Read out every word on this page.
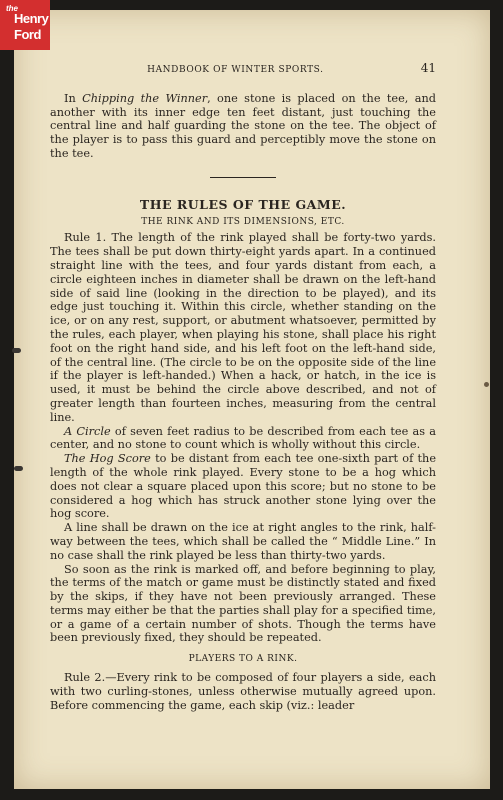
the
Henry
Ford
HANDBOOK OF WINTER SPORTS.	41

In Chipping the Winner, one stone is placed on the tee, and another with its inner edge ten feet distant, just touching the central line and half guarding the stone on the tee. The object of the player is to pass this guard and perceptibly move the stone on the tee.

THE RULES OF THE GAME.
THE RINK AND ITS DIMENSIONS, ETC.

Rule 1. The length of the rink played shall be forty-two yards. The tees shall be put down thirty-eight yards apart. In a continued straight line with the tees, and four yards distant from each, a circle eighteen inches in diameter shall be drawn on the left-hand side of said line (looking in the direction to be played), and its edge just touching it. Within this circle, whether standing on the ice, or on any rest, support, or abutment whatsoever, permitted by the rules, each player, when playing his stone, shall place his right foot on the right hand side, and his left foot on the left-hand side, of the central line. (The circle to be on the opposite side of the line if the player is left-handed.) When a hack, or hatch, in the ice is used, it must be behind the circle above described, and not of greater length than fourteen inches, measuring from the central line.

A Circle of seven feet radius to be described from each tee as a center, and no stone to count which is wholly without this circle.

The Hog Score to be distant from each tee one-sixth part of the length of the whole rink played. Every stone to be a hog which does not clear a square placed upon this score; but no stone to be considered a hog which has struck another stone lying over the hog score.

A line shall be drawn on the ice at right angles to the rink, half-way between the tees, which shall be called the “ Middle Line.” In no case shall the rink played be less than thirty-two yards.

So soon as the rink is marked off, and before beginning to play, the terms of the match or game must be distinctly stated and fixed by the skips, if they have not been previously arranged. These terms may either be that the parties shall play for a specified time, or a game of a certain number of shots. Though the terms have been previously fixed, they should be repeated.

PLAYERS TO A RINK.

Rule 2.—Every rink to be composed of four players a side, each with two curling-stones, unless otherwise mutually agreed upon. Before commencing the game, each skip (viz.: leader
